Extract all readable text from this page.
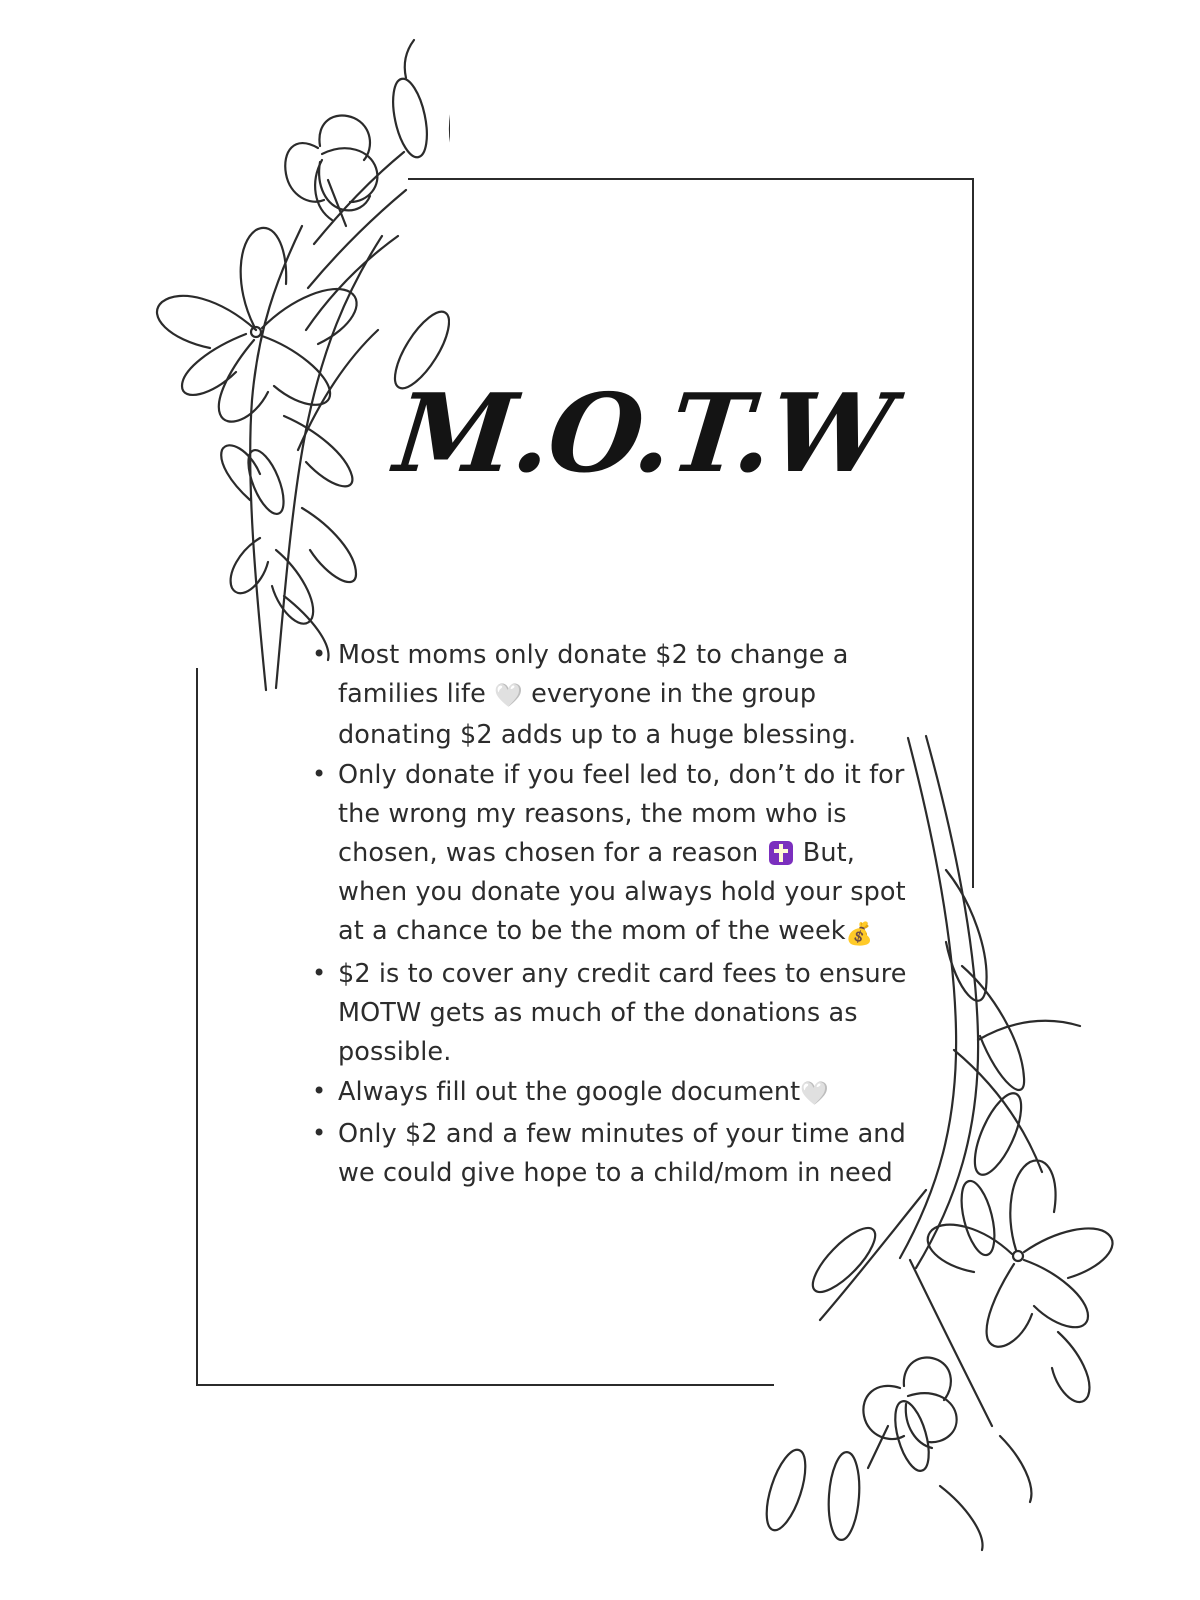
M.O.T.W
• Most moms only donate $2 to change a families life 🤍 everyone in the group donating $2 adds up to a huge blessing.
• Only donate if you feel led to, don’t do it for the wrong my reasons, the mom who is chosen, was chosen for a reason  But, when you donate you always hold your spot at a chance to be the mom of the week💰
• $2 is to cover any credit card fees to ensure MOTW gets as much of the donations as possible.
• Always fill out the google document🤍
• Only $2 and a few minutes of your time and we could give hope to a child/mom in need
